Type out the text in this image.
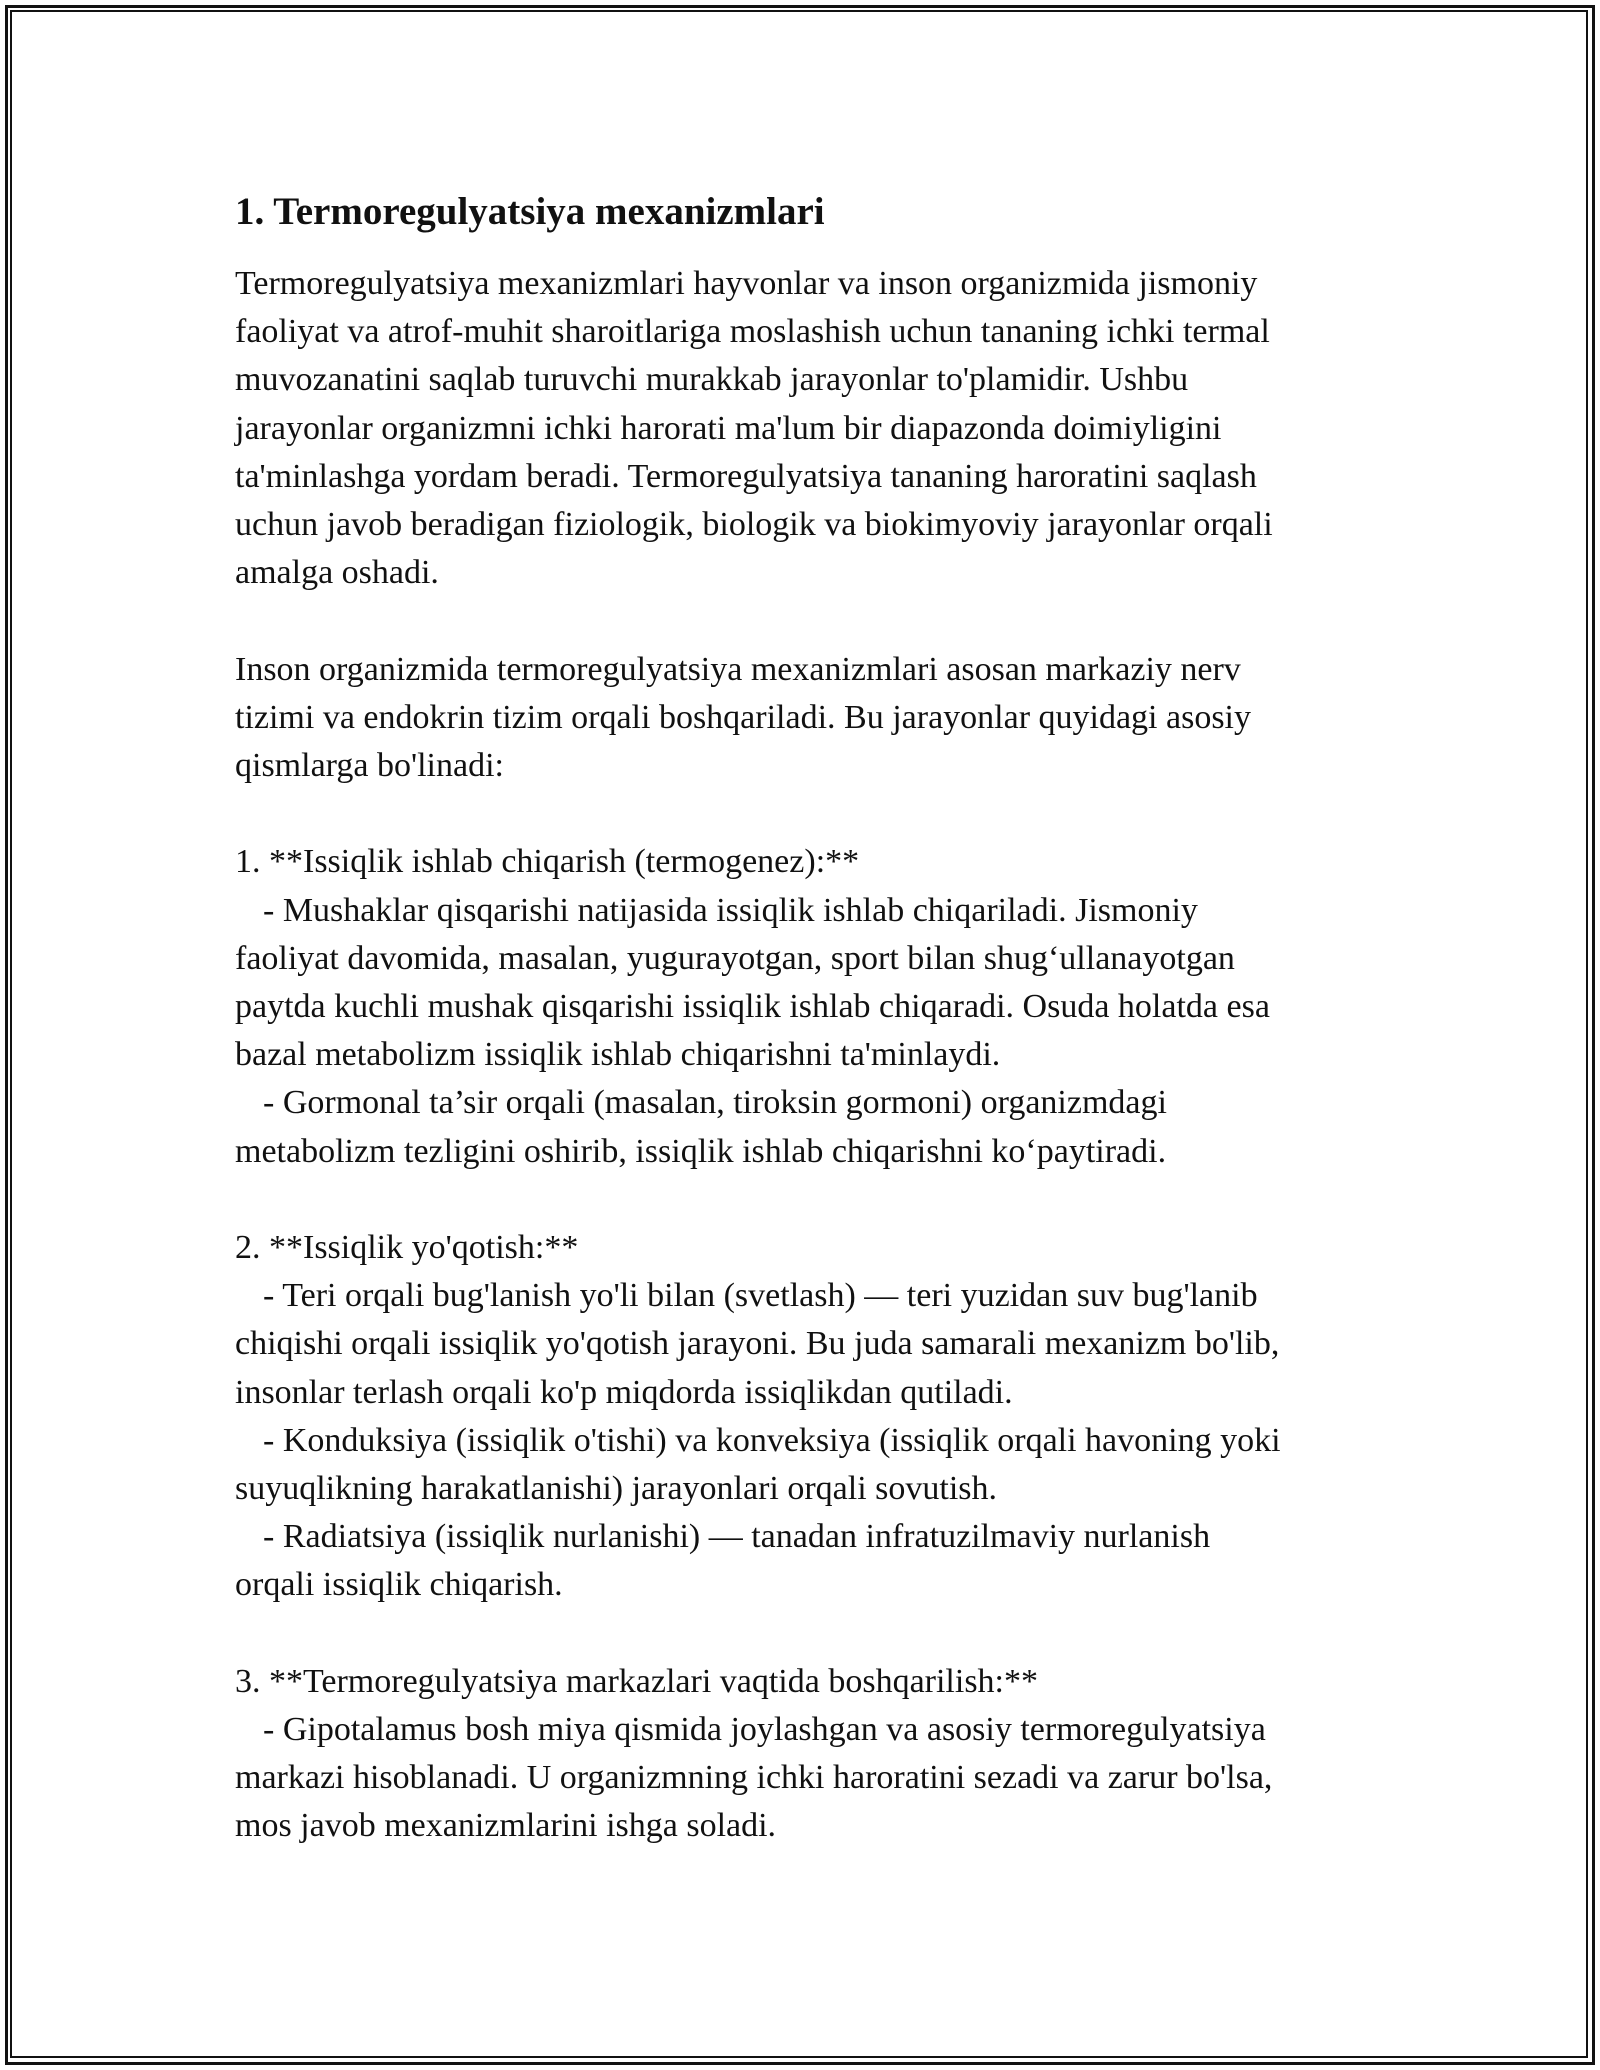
1. Termoregulyatsiya mexanizmlari

Termoregulyatsiya mexanizmlari hayvonlar va inson organizmida jismoniy
faoliyat va atrof-muhit sharoitlariga moslashish uchun tananing ichki termal
muvozanatini saqlab turuvchi murakkab jarayonlar to'plamidir. Ushbu
jarayonlar organizmni ichki harorati ma'lum bir diapazonda doimiyligini
ta'minlashga yordam beradi. Termoregulyatsiya tananing haroratini saqlash
uchun javob beradigan fiziologik, biologik va biokimyoviy jarayonlar orqali
amalga oshadi.

Inson organizmida termoregulyatsiya mexanizmlari asosan markaziy nerv
tizimi va endokrin tizim orqali boshqariladi. Bu jarayonlar quyidagi asosiy
qismlarga bo'linadi:

1. **Issiqlik ishlab chiqarish (termogenez):**
- Mushaklar qisqarishi natijasida issiqlik ishlab chiqariladi. Jismoniy
faoliyat davomida, masalan, yugurayotgan, sport bilan shug‘ullanayotgan
paytda kuchli mushak qisqarishi issiqlik ishlab chiqaradi. Osuda holatda esa
bazal metabolizm issiqlik ishlab chiqarishni ta'minlaydi.
- Gormonal ta’sir orqali (masalan, tiroksin gormoni) organizmdagi
metabolizm tezligini oshirib, issiqlik ishlab chiqarishni ko‘paytiradi.

2. **Issiqlik yo'qotish:**
- Teri orqali bug'lanish yo'li bilan (svetlash) — teri yuzidan suv bug'lanib
chiqishi orqali issiqlik yo'qotish jarayoni. Bu juda samarali mexanizm bo'lib,
insonlar terlash orqali ko'p miqdorda issiqlikdan qutiladi.
- Konduksiya (issiqlik o'tishi) va konveksiya (issiqlik orqali havoning yoki
suyuqlikning harakatlanishi) jarayonlari orqali sovutish.
- Radiatsiya (issiqlik nurlanishi) — tanadan infratuzilmaviy nurlanish
orqali issiqlik chiqarish.

3. **Termoregulyatsiya markazlari vaqtida boshqarilish:**
- Gipotalamus bosh miya qismida joylashgan va asosiy termoregulyatsiya
markazi hisoblanadi. U organizmning ichki haroratini sezadi va zarur bo'lsa,
mos javob mexanizmlarini ishga soladi.
